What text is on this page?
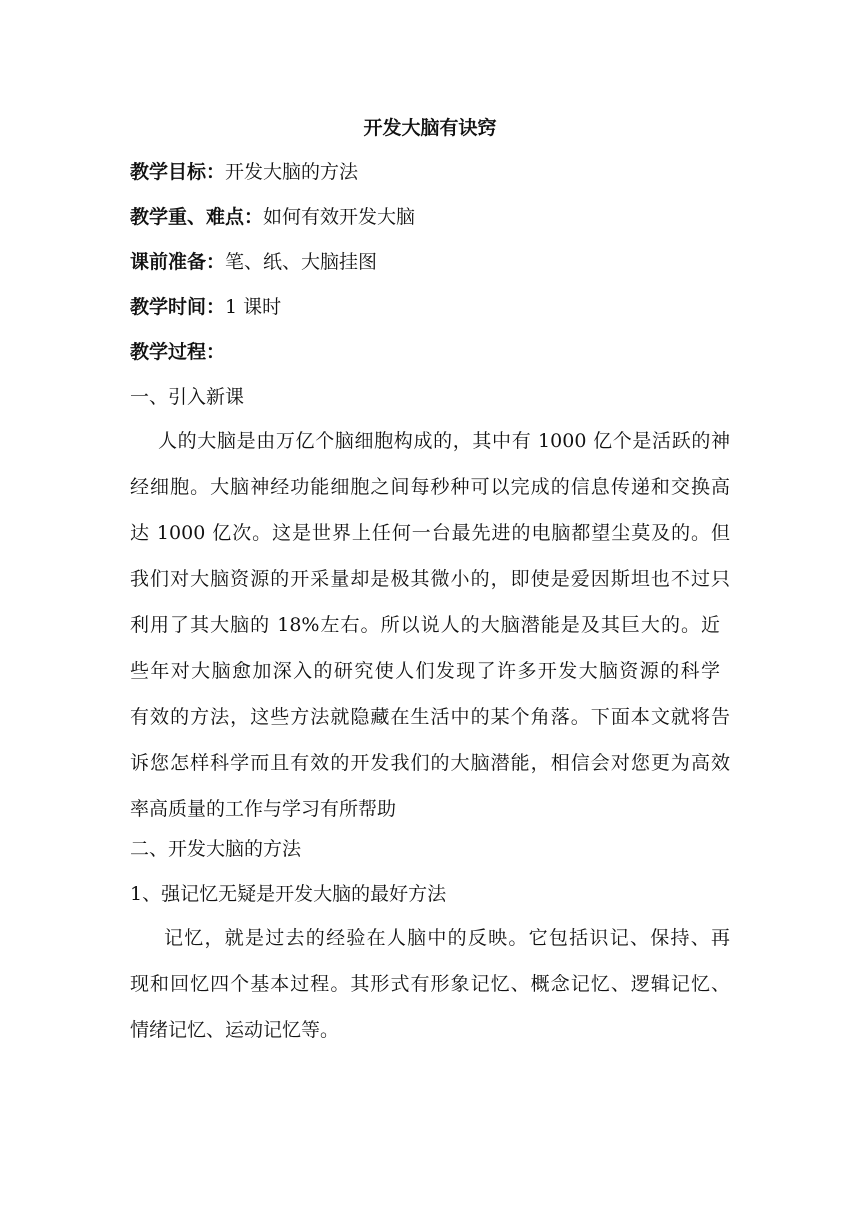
开发大脑有诀窍
教学目标：开发大脑的方法
教学重、难点：如何有效开发大脑
课前准备：笔、纸、大脑挂图
教学时间：1 课时
教学过程：
一、引入新课
人的大脑是由万亿个脑细胞构成的，其中有 1000 亿个是活跃的神
经细胞。大脑神经功能细胞之间每秒种可以完成的信息传递和交换高
达 1000 亿次。这是世界上任何一台最先进的电脑都望尘莫及的。但
我们对大脑资源的开采量却是极其微小的，即使是爱因斯坦也不过只
利用了其大脑的 18%左右。所以说人的大脑潜能是及其巨大的。近
些年对大脑愈加深入的研究使人们发现了许多开发大脑资源的科学
有效的方法，这些方法就隐藏在生活中的某个角落。下面本文就将告
诉您怎样科学而且有效的开发我们的大脑潜能，相信会对您更为高效
率高质量的工作与学习有所帮助
二、开发大脑的方法
1、强记忆无疑是开发大脑的最好方法
记忆，就是过去的经验在人脑中的反映。它包括识记、保持、再
现和回忆四个基本过程。其形式有形象记忆、概念记忆、逻辑记忆、
情绪记忆、运动记忆等。
